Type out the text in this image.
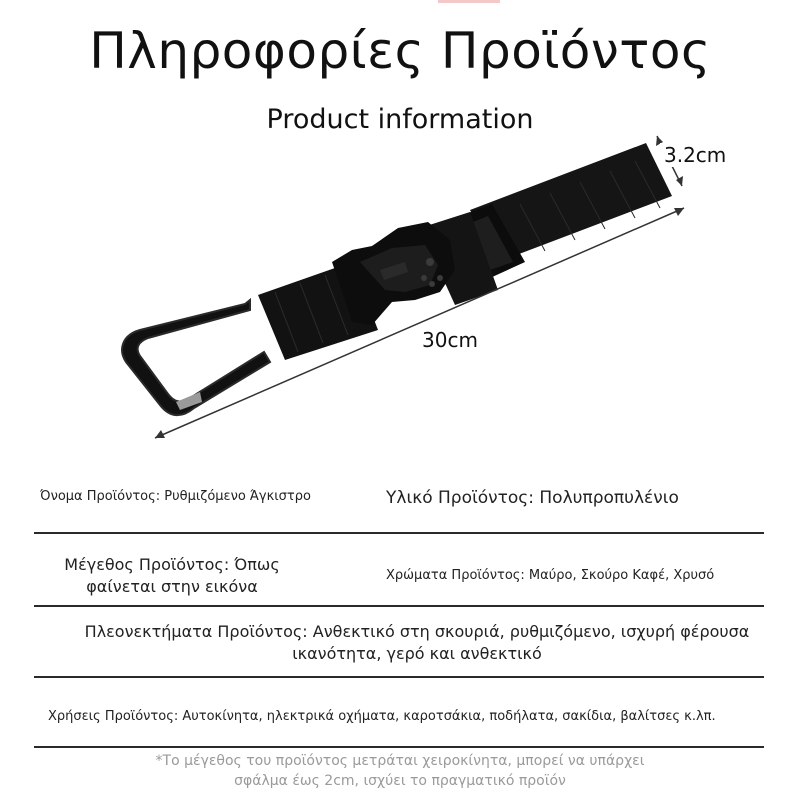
Πληροφορίες Προϊόντος
Product information
3.2cm
30cm
Όνομα Προϊόντος: Ρυθμιζόμενο Άγκιστρο	Υλικό Προϊόντος: Πολυπροπυλένιο
Μέγεθος Προϊόντος: Όπως φαίνεται στην εικόνα
Χρώματα Προϊόντος: Μαύρο, Σκούρο Καφέ, Χρυσό
Πλεονεκτήματα Προϊόντος: Ανθεκτικό στη σκουριά, ρυθμιζόμενο, ισχυρή φέρουσα ικανότητα, γερό και ανθεκτικό
Χρήσεις Προϊόντος: Αυτοκίνητα, ηλεκτρικά οχήματα, καροτσάκια, ποδήλατα, σακίδια, βαλίτσες κ.λπ.
*Το μέγεθος του προϊόντος μετράται χειροκίνητα, μπορεί να υπάρχει σφάλμα έως 2cm, ισχύει το πραγματικό προϊόν
